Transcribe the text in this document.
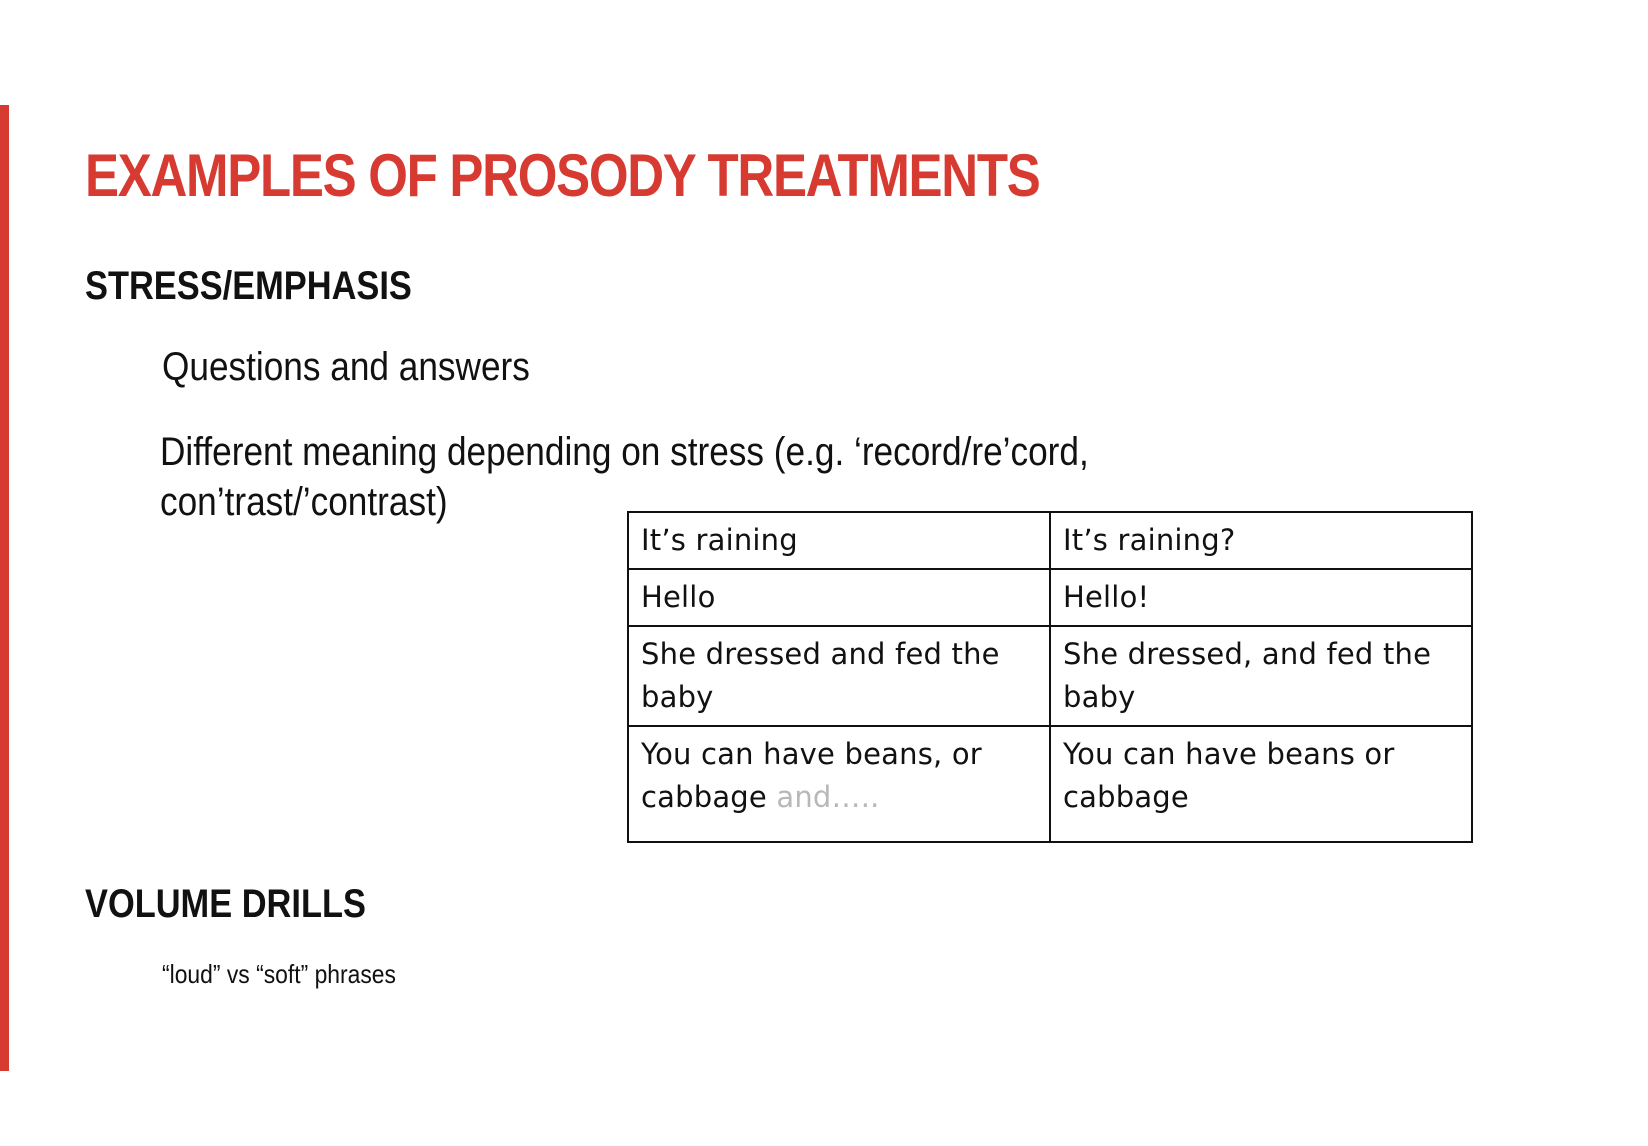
EXAMPLES OF PROSODY TREATMENTS
STRESS/EMPHASIS

Questions and answers

Different meaning depending on stress (e.g. ‘record/re’cord, con’trast/’contrast)

It’s raining	It’s raining?
Hello	Hello!
She dressed and fed the baby	She dressed, and fed the baby
You can have beans, or cabbage and…..	You can have beans or cabbage
VOLUME DRILLS

“loud” vs “soft” phrases
